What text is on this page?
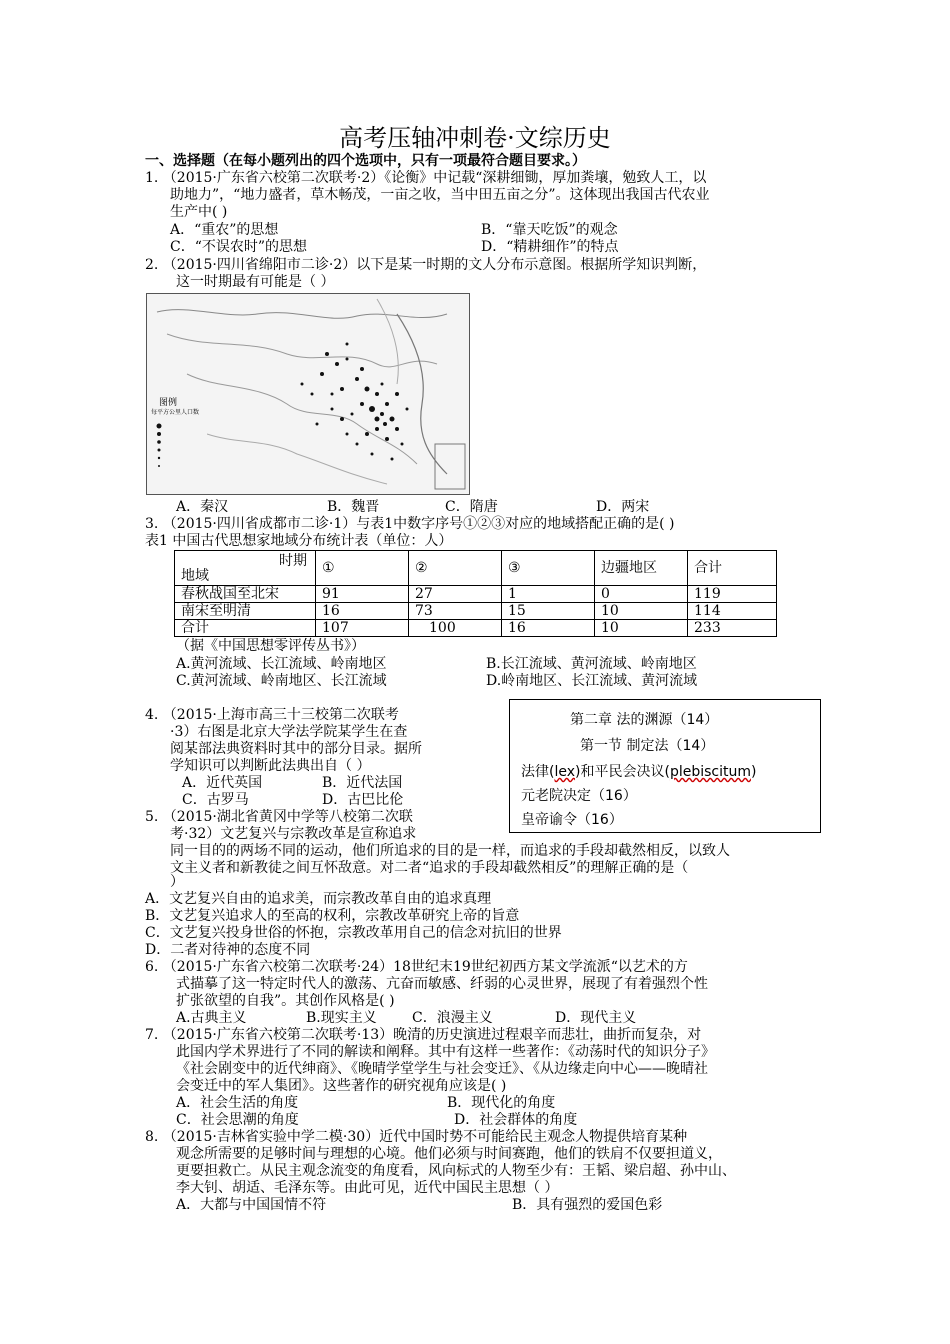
高考压轴冲刺卷·文综历史
一、选择题（在每小题列出的四个选项中，只有一项最符合题目要求。）
1. （2015·广东省六校第二次联考·2）《论衡》中记载“深耕细锄，厚加粪壤，勉致人工，以
助地力”，“地力盛者，草木畅茂，一亩之收，当中田五亩之分”。这体现出我国古代农业
生产中( )
A．“重农”的思想	B．“靠天吃饭”的观念
C．“不误农时”的思想	D．“精耕细作”的特点
2. （2015·四川省绵阳市二诊·2）以下是某一时期的文人分布示意图。根据所学知识判断，
这一时期最有可能是（ ）
图例
每平方公里人口数
A．秦汉	B．魏晋	C．隋唐	D．两宋
3. （2015·四川省成都市二诊·1）与表1中数字序号①②③对应的地域搭配正确的是( )
表1 中国古代思想家地域分布统计表（单位：人）
时期
地域	①	②	③	边疆地区	合计
春秋战国至北宋	91	27	1	0	119
南宋至明清	16	73	15	10	114
合计	107	100	16	10	233
（据《中国思想零评传丛书》）
A.黄河流域、长江流域、岭南地区	B.长江流域、黄河流域、岭南地区
C.黄河流域、岭南地区、长江流域	D.岭南地区、长江流域、黄河流域
4. （2015·上海市高三十三校第二次联考
·3）右图是北京大学法学院某学生在查
阅某部法典资料时其中的部分目录。据所
学知识可以判断此法典出自（ ）
A．近代英国	B．近代法国
C．古罗马	D．古巴比伦
第二章 法的渊源（14）
第一节 制定法（14）
法律(lex)和平民会决议(plebiscitum)
元老院决定（16）
皇帝谕令（16）
5. （2015·湖北省黄冈中学等八校第二次联
考·32）文艺复兴与宗教改革是宣称追求
同一目的的两场不同的运动，他们所追求的目的是一样，而追求的手段却截然相反，以致人
文主义者和新教徒之间互怀敌意。对二者“追求的手段却截然相反”的理解正确的是（
）
A．文艺复兴自由的追求美，而宗教改革自由的追求真理
B．文艺复兴追求人的至高的权利，宗教改革研究上帝的旨意
C．文艺复兴投身世俗的怀抱，宗教改革用自己的信念对抗旧的世界
D．二者对待神的态度不同
6. （2015·广东省六校第二次联考·24）18世纪末19世纪初西方某文学流派“以艺术的方
式描摹了这一特定时代人的激荡、亢奋而敏感、纤弱的心灵世界，展现了有着强烈个性
扩张欲望的自我”。其创作风格是( )
A.古典主义	B.现实主义	C．浪漫主义	D．现代主义
7. （2015·广东省六校第二次联考·13）晚清的历史演进过程艰辛而悲壮，曲折而复杂，对
此国内学术界进行了不同的解读和阐释。其中有这样一些著作：《动荡时代的知识分子》
《社会剧变中的近代绅商》、《晚晴学堂学生与社会变迁》、《从边缘走向中心——晚晴社
会变迁中的军人集团》。这些著作的研究视角应该是( )
A．社会生活的角度	B．现代化的角度
C．社会思潮的角度	D．社会群体的角度
8. （2015·吉林省实验中学二模·30）近代中国时势不可能给民主观念人物提供培育某种
观念所需要的足够时间与理想的心境。他们必须与时间赛跑，他们的铁肩不仅要担道义，
更要担救亡。从民主观念流变的角度看，风向标式的人物至少有：王韬、梁启超、孙中山、
李大钊、胡适、毛泽东等。由此可见，近代中国民主思想（ ）
A．大都与中国国情不符	B．具有强烈的爱国色彩
